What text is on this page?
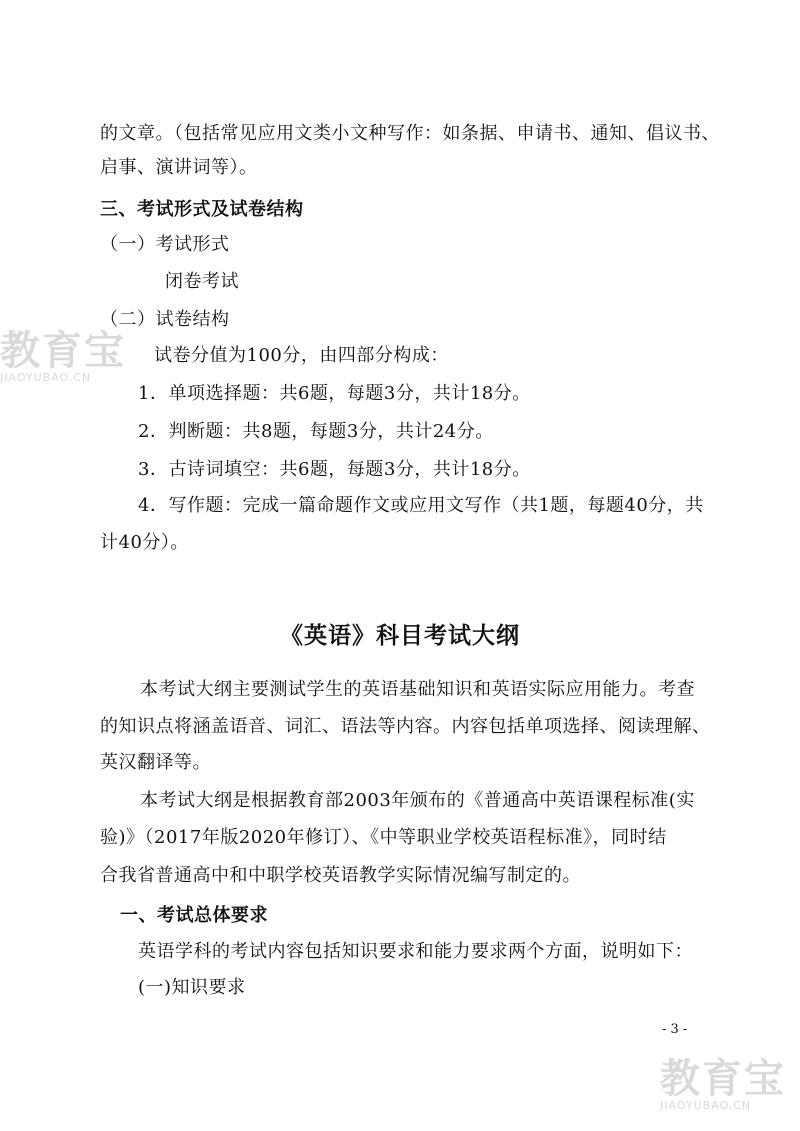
的文章。（包括常见应用文类小文种写作：如条据、申请书、通知、倡议书、
启事、演讲词等）。
三、考试形式及试卷结构
（一）考试形式
闭卷考试
（二）试卷结构
试卷分值为100分，由四部分构成：
1．单项选择题：共6题，每题3分，共计18分。
2．判断题：共8题，每题3分，共计24分。
3．古诗词填空：共6题，每题3分，共计18分。
4．写作题：完成一篇命题作文或应用文写作（共1题，每题40分，共
计40分）。
《英语》科目考试大纲
本考试大纲主要测试学生的英语基础知识和英语实际应用能力。考查
的知识点将涵盖语音、词汇、语法等内容。内容包括单项选择、阅读理解、
英汉翻译等。
本考试大纲是根据教育部2003年颁布的《普通高中英语课程标准(实
验)》（2017年版2020年修订）、《中等职业学校英语程标准》，同时结
合我省普通高中和中职学校英语教学实际情况编写制定的。
一、考试总体要求
英语学科的考试内容包括知识要求和能力要求两个方面，说明如下：
(一)知识要求
- 3 -
教育宝
JIAOYUBAO.CN
教育宝
JIAOYUBAO.CN
